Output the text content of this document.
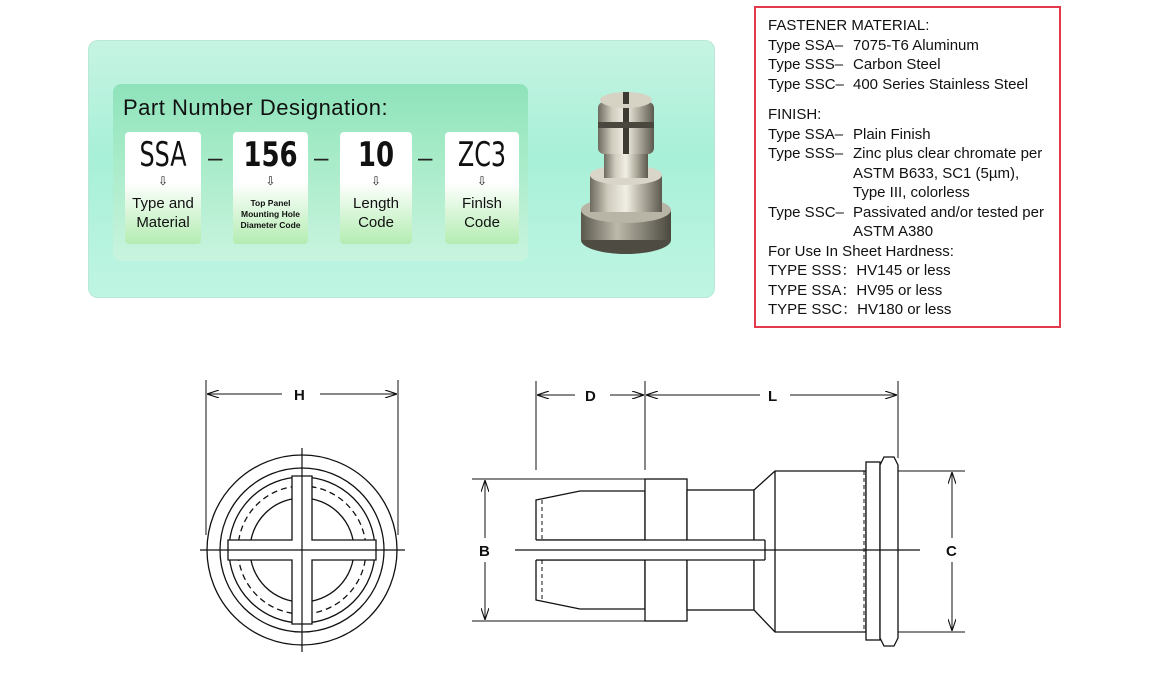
Part Number Designation:
SSA
⇩
Type and
Material
– 156
⇩
Top Panel
Mounting Hole
Diameter Code
– 10
⇩
Length
Code
– ZC3
⇩
Finlsh
Code
FASTENER MATERIAL:
Type SSA– 7075-T6 Aluminum
Type SSS– Carbon Steel
Type SSC– 400 Series Stainless Steel
FINISH:
Type SSA– Plain Finish
Type SSS– Zinc plus clear chromate per
ASTM B633, SC1 (5µm),
Type III, colorless
Type SSC– Passivated and/or tested per
ASTM A380
For Use In Sheet Hardness:
TYPE SSS：HV145 or less
TYPE SSA：HV95 or less
TYPE SSC：HV180 or less
H	D	L
B	C
